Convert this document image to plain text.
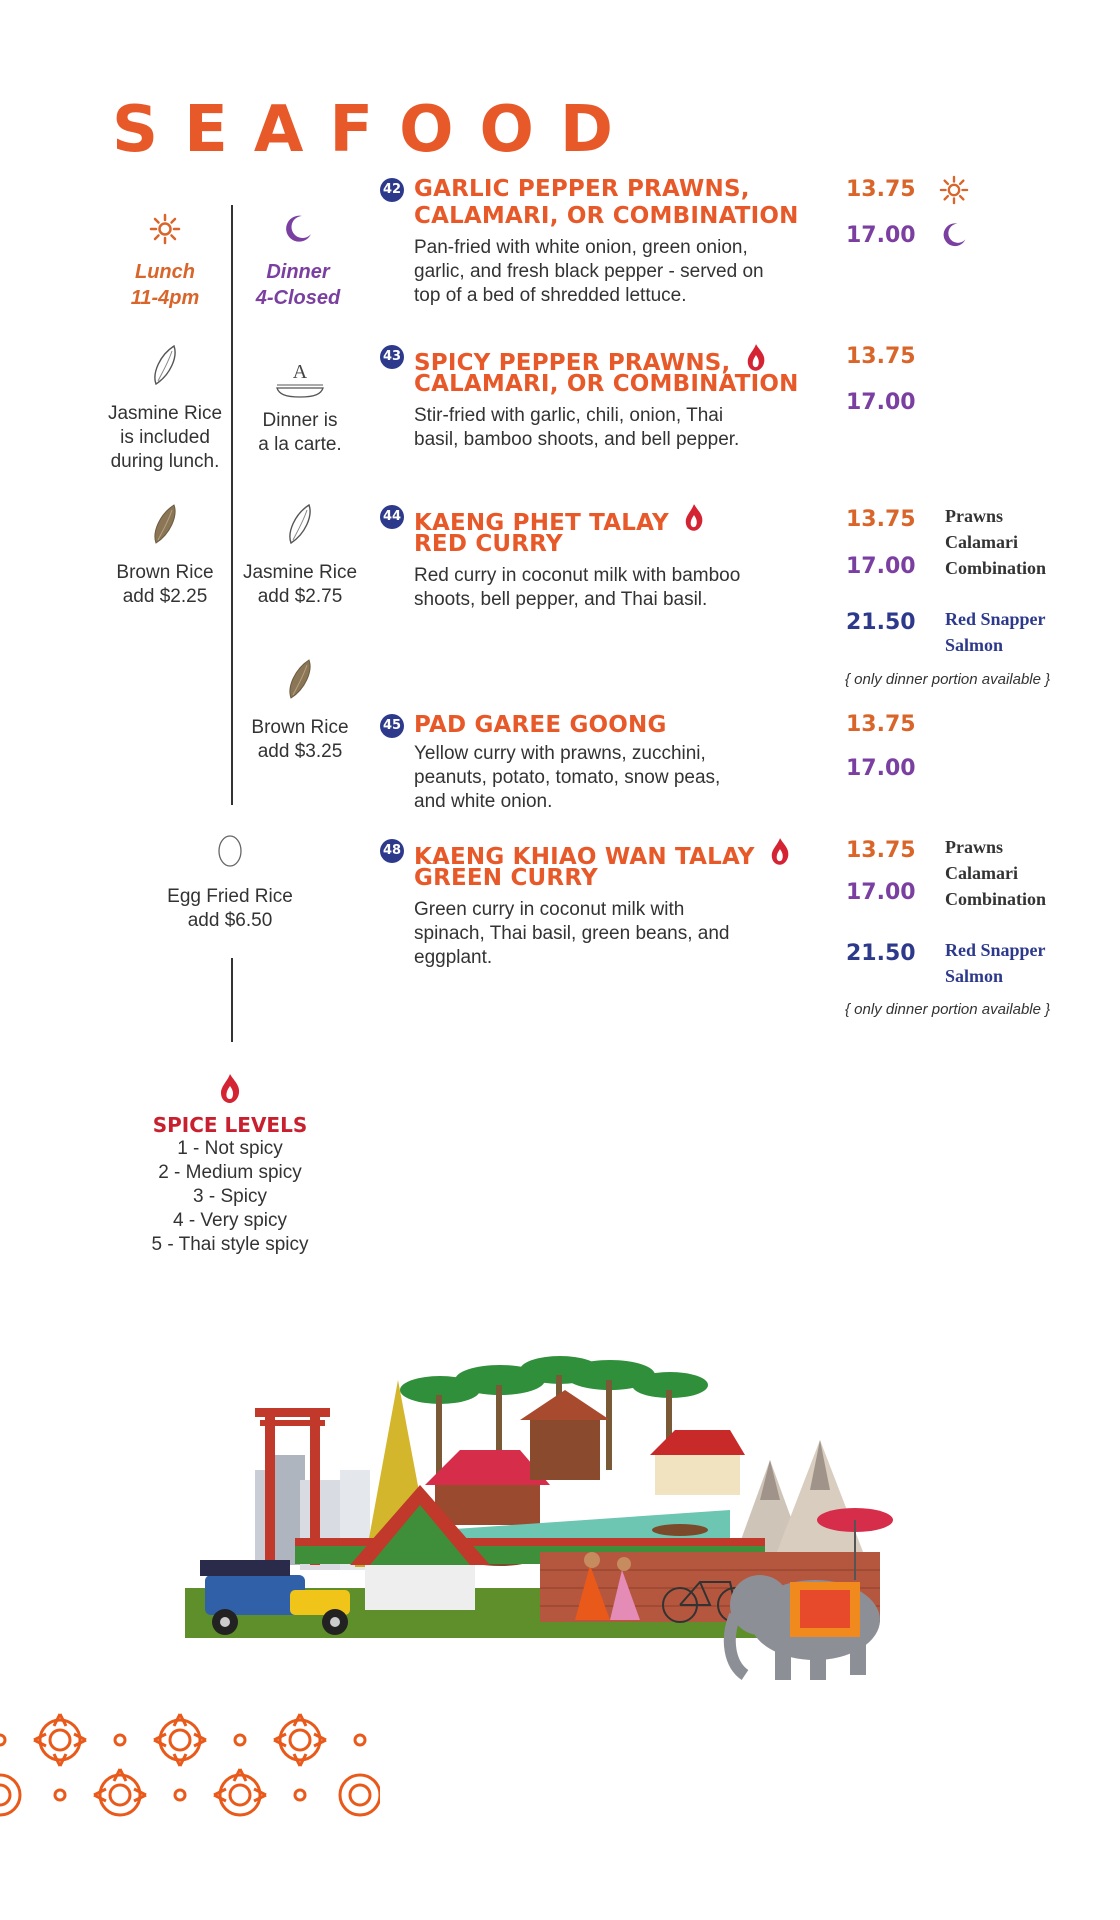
SEAFOOD
Lunch
11-4pm
Dinner
4-Closed
Jasmine Rice
is included
during lunch.
A
Dinner is
a la carte.
Brown Rice
add $2.25
Jasmine Rice
add $2.75
Brown Rice
add $3.25
Egg Fried Rice
add $6.50
42 GARLIC PEPPER PRAWNS,
CALAMARI, OR COMBINATION
Pan-fried with white onion, green onion,
garlic, and fresh black pepper - served on
top of a bed of shredded lettuce.
13.75
17.00
43 SPICY PEPPER PRAWNS,
CALAMARI, OR COMBINATION
Stir-fried with garlic, chili, onion, Thai
basil, bamboo shoots, and bell pepper.
13.75
17.00
44 KAENG PHET TALAY
RED CURRY
Red curry in coconut milk with bamboo
shoots, bell pepper, and Thai basil.
13.75
17.00
Prawns
Calamari
Combination
21.50 Red Snapper
Salmon
{ only dinner portion available }
45 PAD GAREE GOONG
Yellow curry with prawns, zucchini,
peanuts, potato, tomato, snow peas,
and white onion.
13.75
17.00
48 KAENG KHIAO WAN TALAY
GREEN CURRY
Green curry in coconut milk with
spinach, Thai basil, green beans, and
eggplant.
13.75
17.00
Prawns
Calamari
Combination
21.50 Red Snapper
Salmon
{ only dinner portion available }
SPICE LEVELS
1 - Not spicy
2 - Medium spicy
3 - Spicy
4 - Very spicy
5 - Thai style spicy
